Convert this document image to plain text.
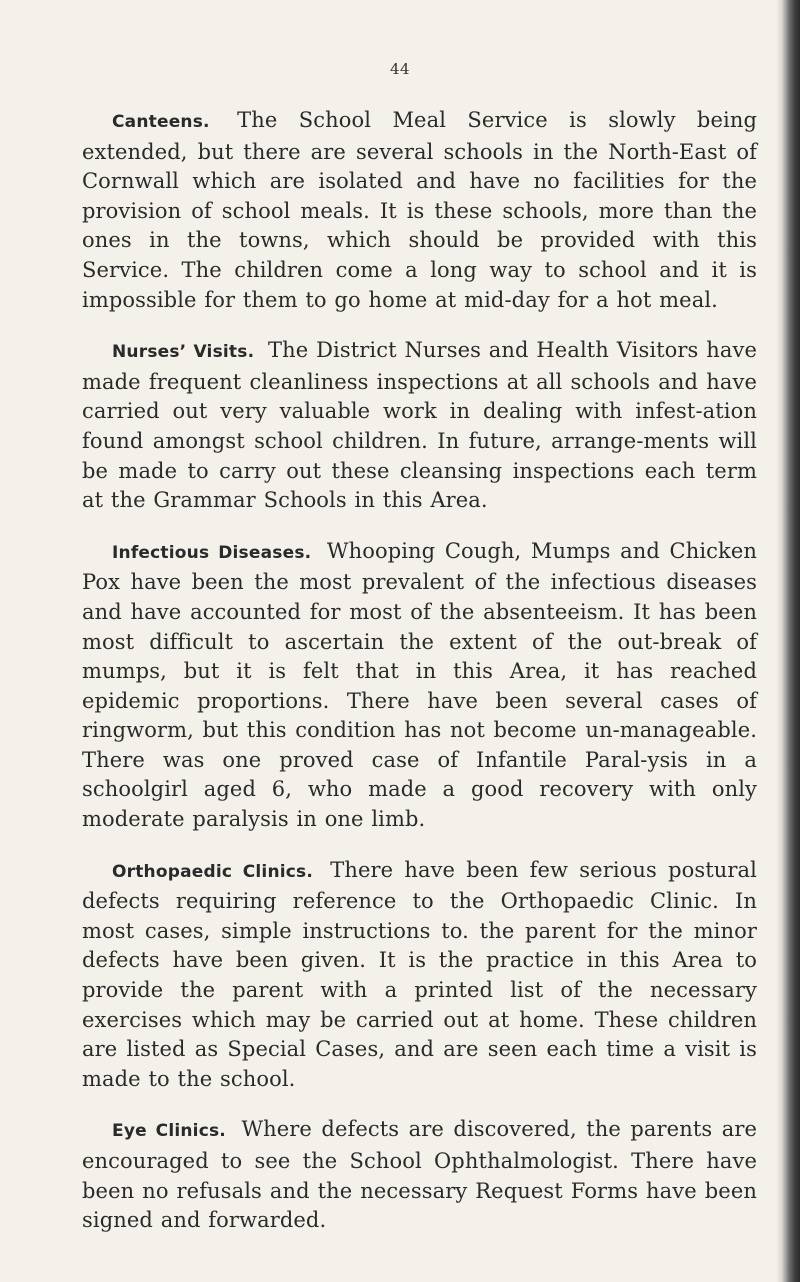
44

Canteens. The School Meal Service is slowly being extended, but there are several schools in the North-East of Cornwall which are isolated and have no facilities for the provision of school meals. It is these schools, more than the ones in the towns, which should be provided with this Service. The children come a long way to school and it is impossible for them to go home at mid-day for a hot meal.

Nurses’ Visits. The District Nurses and Health Visitors have made frequent cleanliness inspections at all schools and have carried out very valuable work in dealing with infest-ation found amongst school children. In future, arrange-ments will be made to carry out these cleansing inspections each term at the Grammar Schools in this Area.

Infectious Diseases. Whooping Cough, Mumps and Chicken Pox have been the most prevalent of the infectious diseases and have accounted for most of the absenteeism. It has been most difficult to ascertain the extent of the out-break of mumps, but it is felt that in this Area, it has reached epidemic proportions. There have been several cases of ringworm, but this condition has not become un-manageable. There was one proved case of Infantile Paral-ysis in a schoolgirl aged 6, who made a good recovery with only moderate paralysis in one limb.

Orthopaedic Clinics. There have been few serious postural defects requiring reference to the Orthopaedic Clinic. In most cases, simple instructions to. the parent for the minor defects have been given. It is the practice in this Area to provide the parent with a printed list of the necessary exercises which may be carried out at home. These children are listed as Special Cases, and are seen each time a visit is made to the school.

Eye Clinics. Where defects are discovered, the parents are encouraged to see the School Ophthalmologist. There have been no refusals and the necessary Request Forms have been signed and forwarded.
